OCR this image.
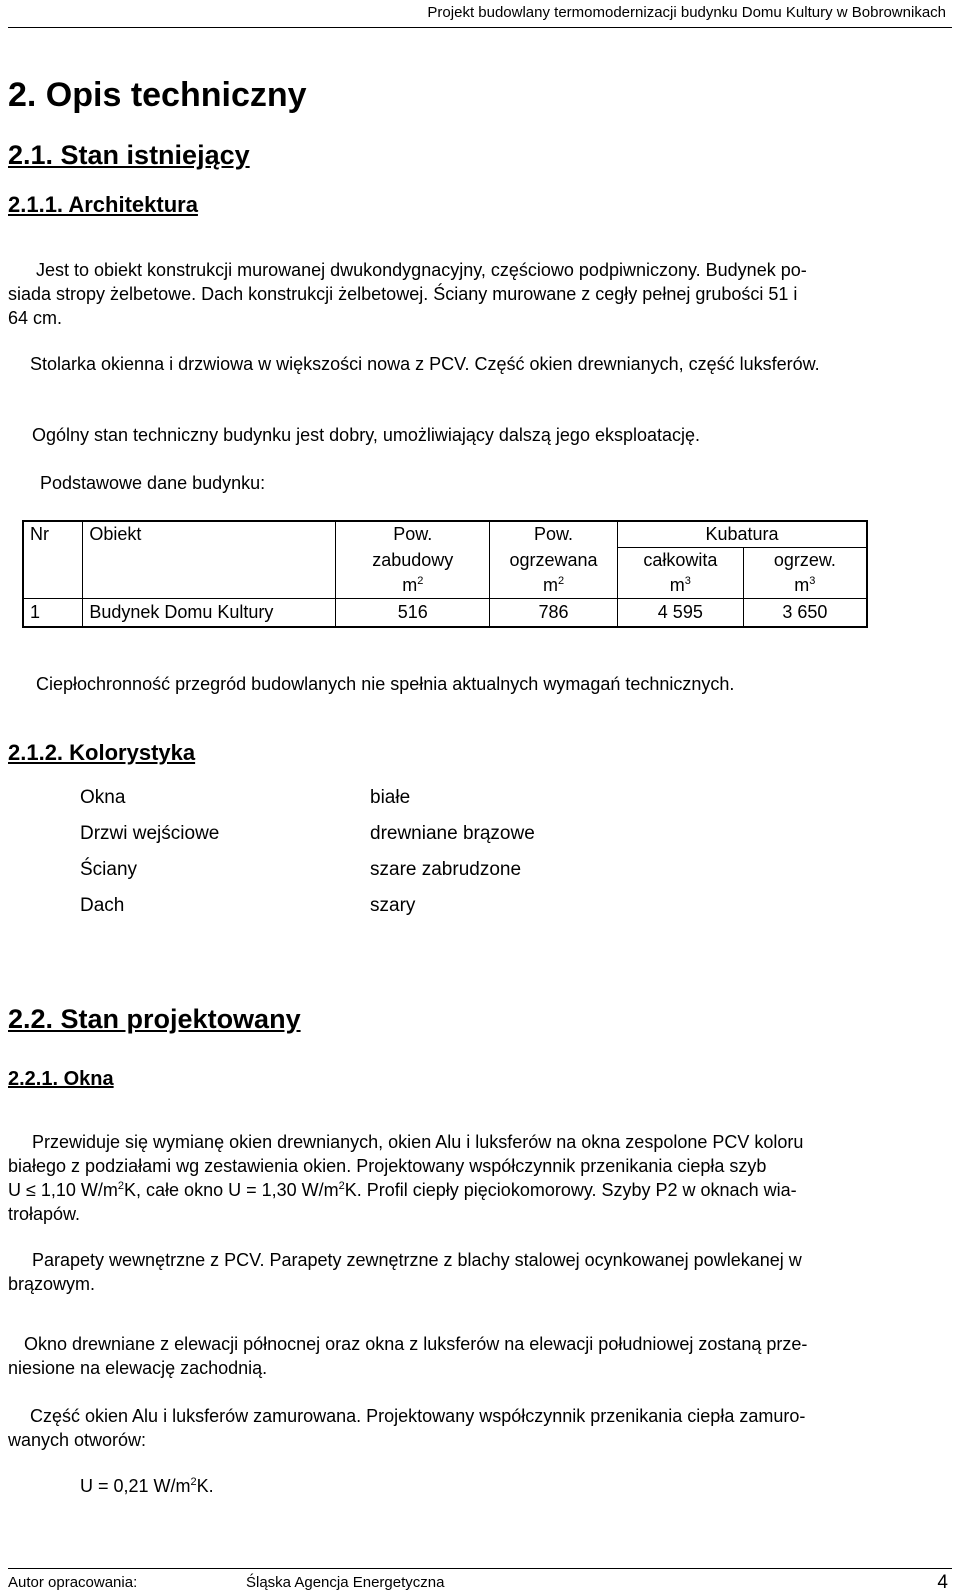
Projekt budowlany termomodernizacji budynku Domu Kultury w Bobrownikach
2. Opis techniczny
2.1. Stan istniejący
2.1.1. Architektura
Jest to obiekt konstrukcji murowanej dwukondygnacyjny, częściowo podpiwniczony. Budynek po-
siada stropy żelbetowe. Dach konstrukcji żelbetowej. Ściany murowane z cegły pełnej grubości 51 i
64 cm.

Stolarka okienna i drzwiowa w większości nowa z PCV. Część okien drewnianych, część luksferów.

Ogólny stan techniczny budynku jest dobry, umożliwiający dalszą jego eksploatację.

Podstawowe dane budynku:

Nr	Obiekt	Pow.	Pow.	Kubatura	
		zabudowy	ogrzewana	całkowita	ogrzew.
		$m^2$	$m^2$	$m^3$	$m^3$
1	Budynek Domu Kultury	516	786	4 595	3 650

Ciepłochronność przegród budowlanych nie spełnia aktualnych wymagań technicznych.

2.1.2. Kolorystyka
Okna	białe
Drzwi wejściowe	drewniane brązowe
Ściany	szare zabrudzone
Dach	szary
2.2. Stan projektowany
2.2.1. Okna
Przewiduje się wymianę okien drewnianych, okien Alu i luksferów na okna zespolone PCV koloru
białego z podziałami wg zestawienia okien. Projektowany współczynnik przenikania ciepła szyb
U ≤ 1,10 $W/m^2K$, całe okno U = 1,30 $W/m^2K$. Profil ciepły pięciokomorowy. Szyby P2 w oknach wia-
trołapów.
Parapety wewnętrzne z PCV. Parapety zewnętrzne z blachy stalowej ocynkowanej powlekanej w
brązowym.
Okno drewniane z elewacji północnej oraz okna z luksferów na elewacji południowej zostaną prze-
niesione na elewację zachodnią.
Część okien Alu i luksferów zamurowana. Projektowany współczynnik przenikania ciepła zamuro-
wanych otworów:
U = 0,21 $W/m^2K$.
Autor opracowania:	Śląska Agencja Energetyczna	4
